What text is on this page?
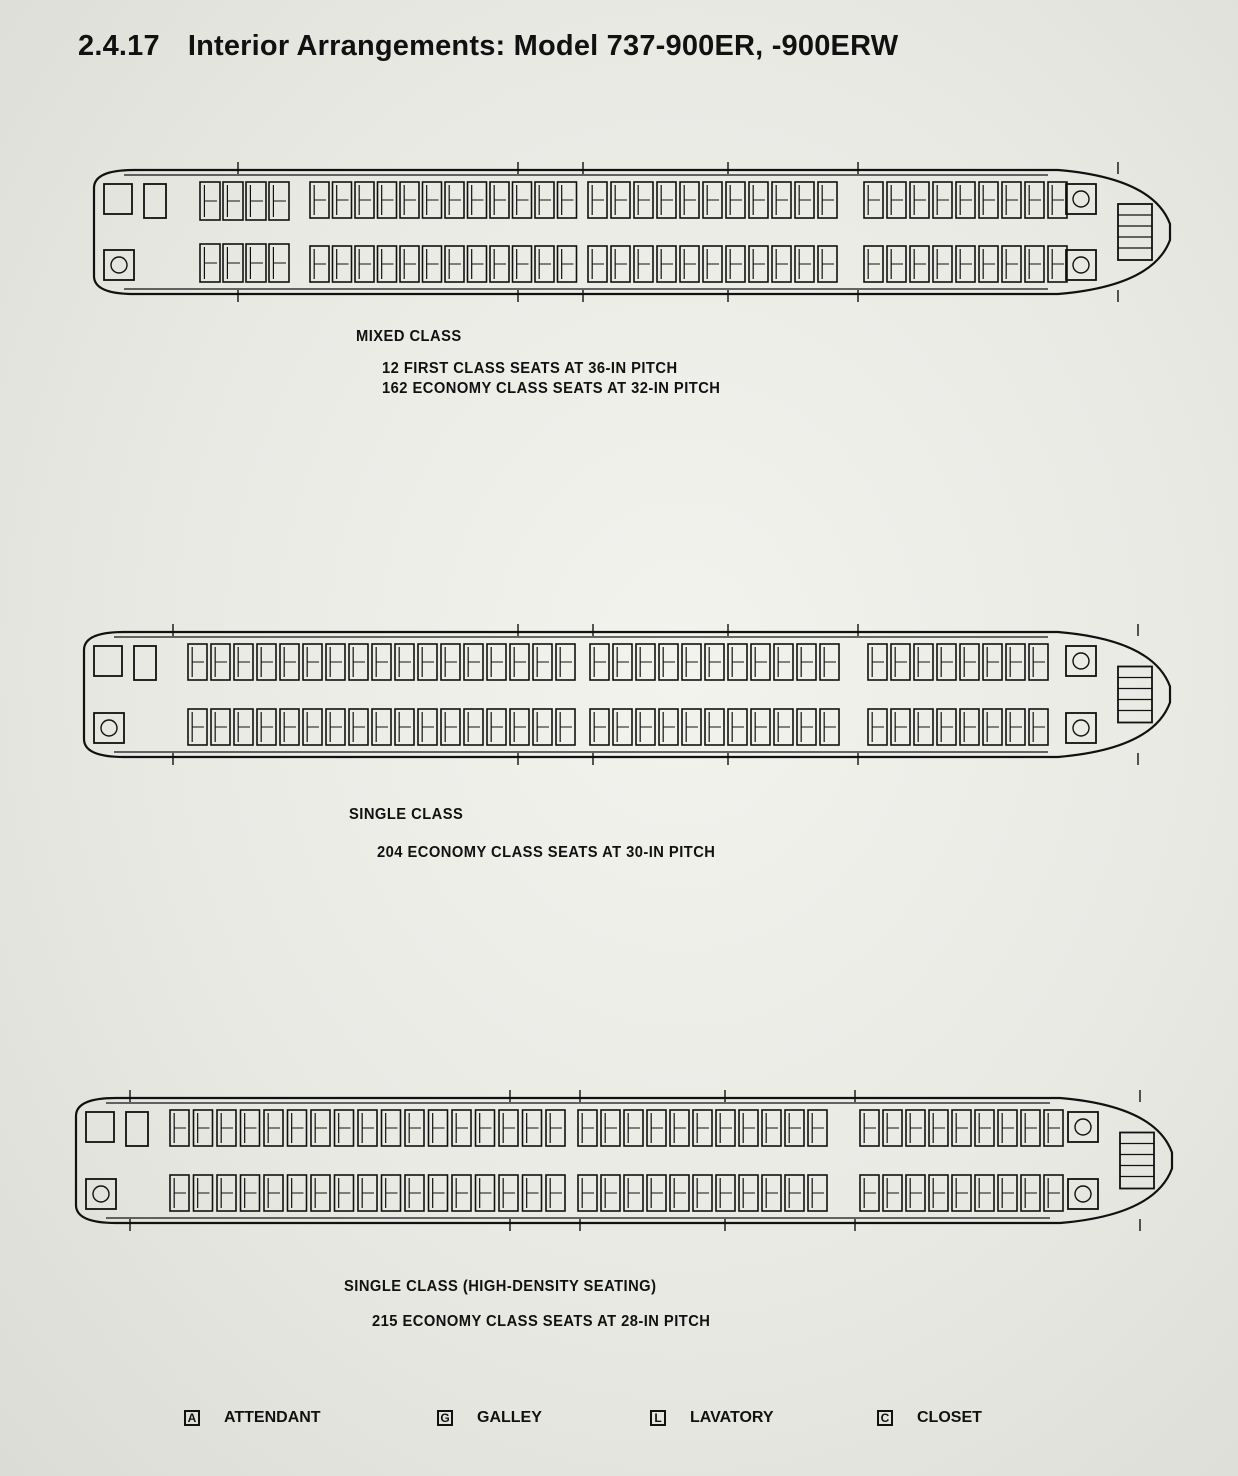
2.4.17 Interior Arrangements: Model 737-900ER, -900ERW
MIXED CLASS
12 FIRST CLASS SEATS AT 36-IN PITCH
162 ECONOMY CLASS SEATS AT 32-IN PITCH
SINGLE CLASS
204 ECONOMY CLASS SEATS AT 30-IN PITCH
SINGLE CLASS (HIGH-DENSITY SEATING)
215 ECONOMY CLASS SEATS AT 28-IN PITCH
A ATTENDANT	G GALLEY	L LAVATORY	C CLOSET
